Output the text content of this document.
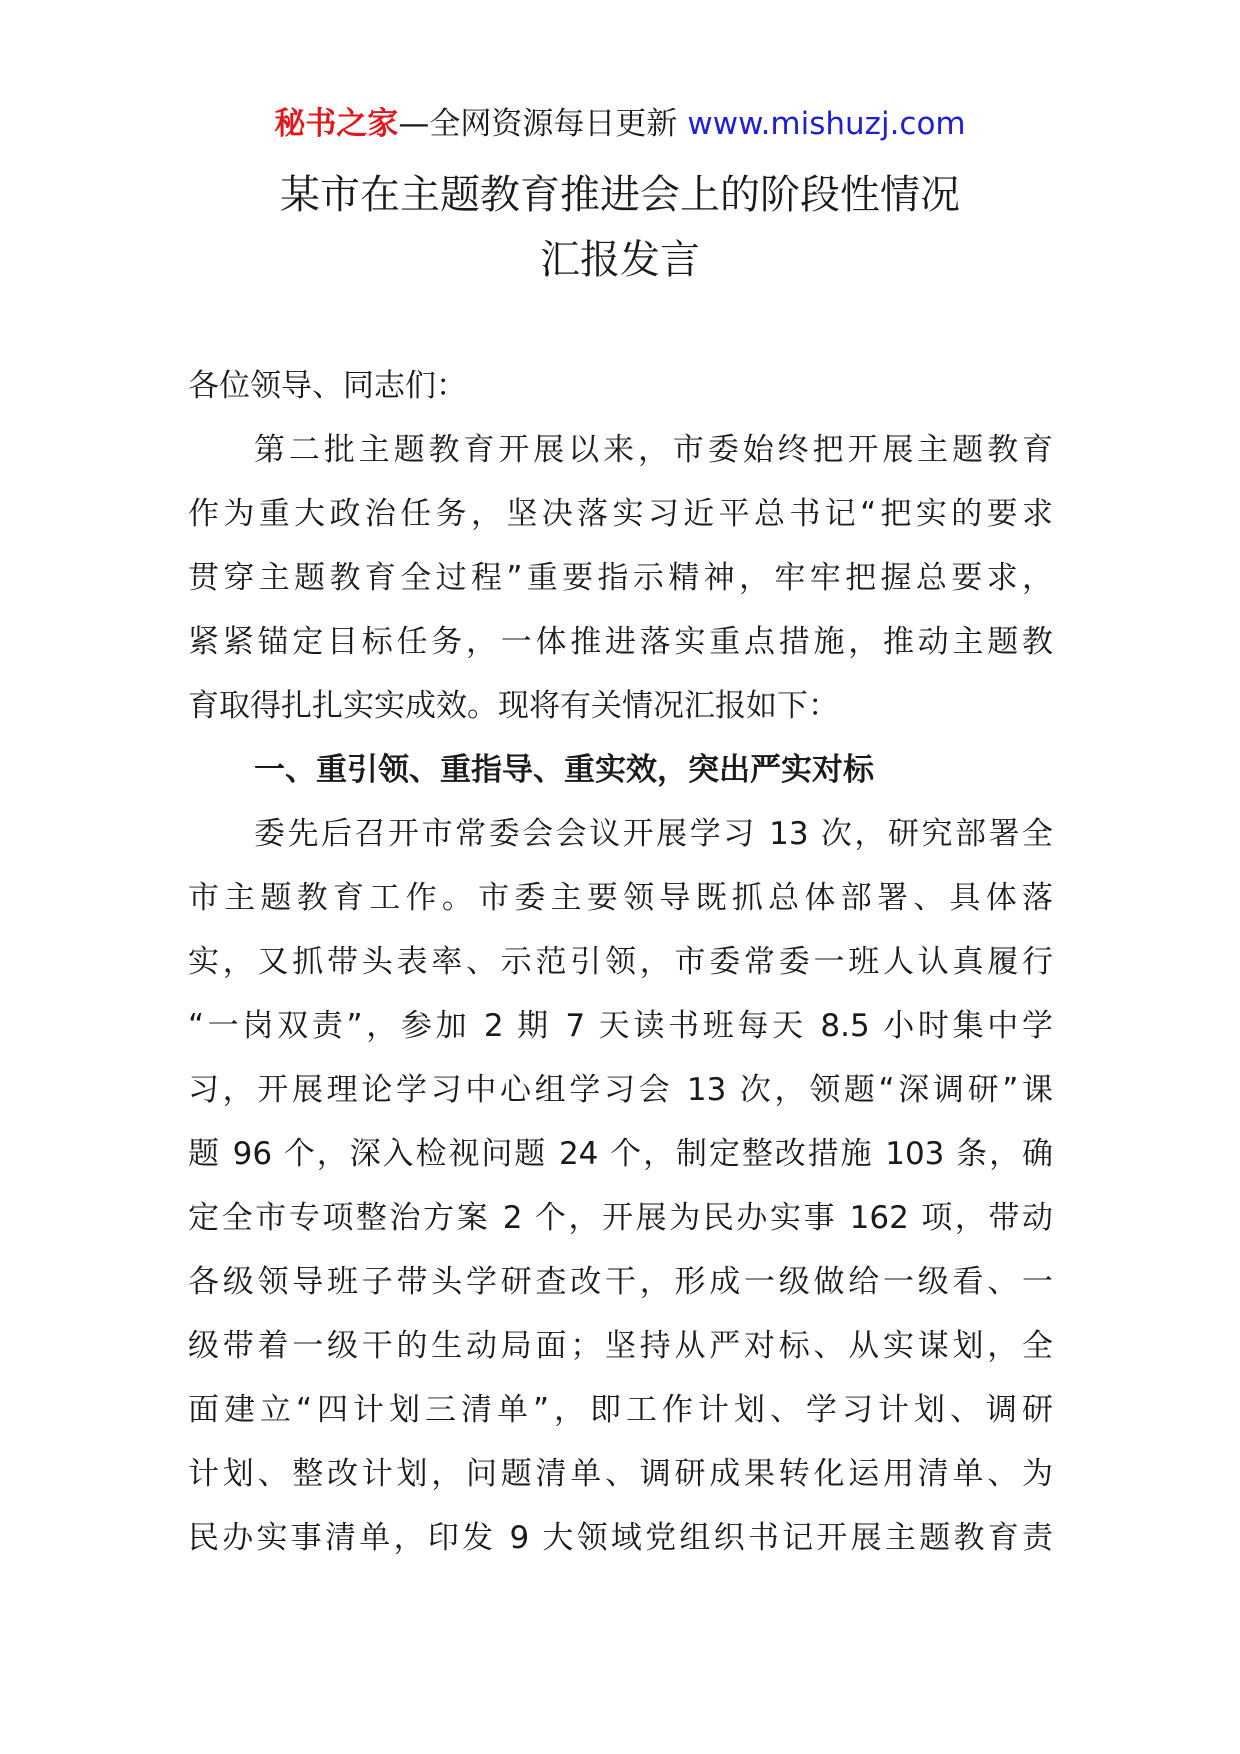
秘书之家—全网资源每日更新 www.mishuzj.com
某市在主题教育推进会上的阶段性情况
汇报发言
各位领导、同志们：
第二批主题教育开展以来，市委始终把开展主题教育
作为重大政治任务，坚决落实习近平总书记“把实的要求
贯穿主题教育全过程”重要指示精神，牢牢把握总要求，
紧紧锚定目标任务，一体推进落实重点措施，推动主题教
育取得扎扎实实成效。现将有关情况汇报如下：
一、重引领、重指导、重实效，突出严实对标
委先后召开市常委会会议开展学习 13 次，研究部署全
市主题教育工作。市委主要领导既抓总体部署、具体落
实，又抓带头表率、示范引领，市委常委一班人认真履行
“一岗双责”，参加 2 期 7 天读书班每天 8.5 小时集中学
习，开展理论学习中心组学习会 13 次，领题“深调研”课
题 96 个，深入检视问题 24 个，制定整改措施 103 条，确
定全市专项整治方案 2 个，开展为民办实事 162 项，带动
各级领导班子带头学研查改干，形成一级做给一级看、一
级带着一级干的生动局面；坚持从严对标、从实谋划，全
面建立“四计划三清单”，即工作计划、学习计划、调研
计划、整改计划，问题清单、调研成果转化运用清单、为
民办实事清单，印发 9 大领域党组织书记开展主题教育责
